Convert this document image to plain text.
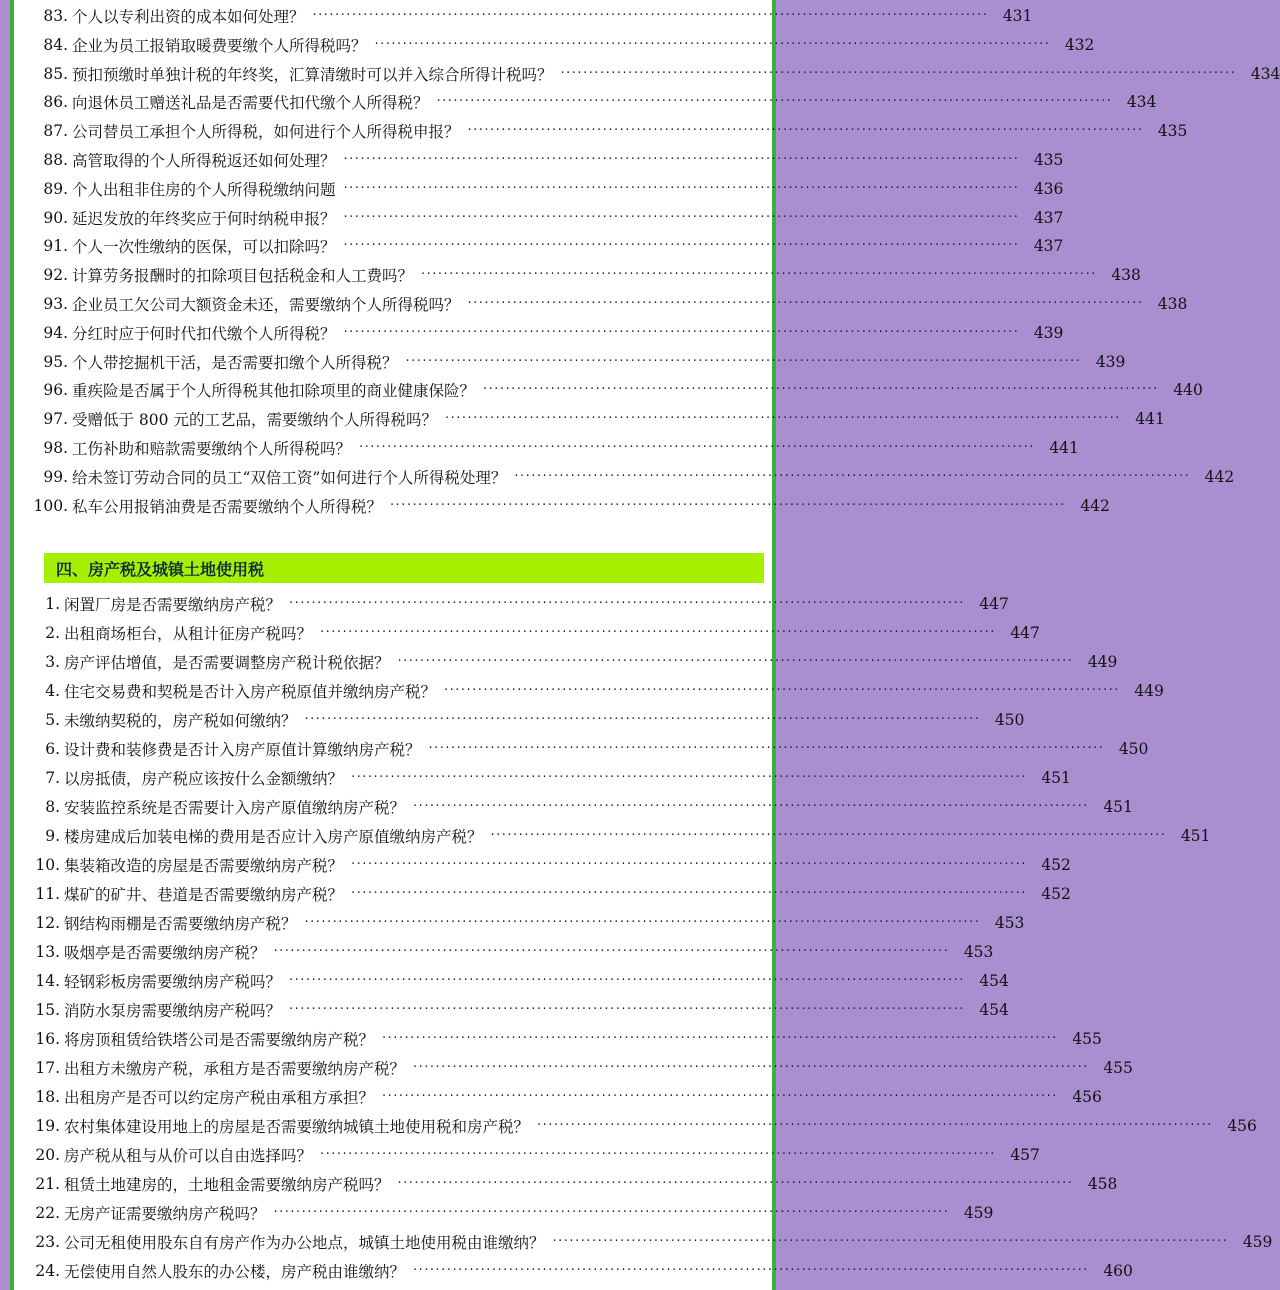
83. 个人以专利出资的成本如何处理？ ························································································································ 431
84. 企业为员工报销取暖费要缴个人所得税吗？ ························································································································ 432
85. 预扣预缴时单独计税的年终奖，汇算清缴时可以并入综合所得计税吗？ ························································································································ 434
86. 向退休员工赠送礼品是否需要代扣代缴个人所得税？ ························································································································ 434
87. 公司替员工承担个人所得税，如何进行个人所得税申报？ ························································································································ 435
88. 高管取得的个人所得税返还如何处理？ ························································································································ 435
89. 个人出租非住房的个人所得税缴纳问题 ························································································································ 436
90. 延迟发放的年终奖应于何时纳税申报？ ························································································································ 437
91. 个人一次性缴纳的医保，可以扣除吗？ ························································································································ 437
92. 计算劳务报酬时的扣除项目包括税金和人工费吗？ ························································································································ 438
93. 企业员工欠公司大额资金未还，需要缴纳个人所得税吗？ ························································································································ 438
94. 分红时应于何时代扣代缴个人所得税？ ························································································································ 439
95. 个人带挖掘机干活，是否需要扣缴个人所得税？ ························································································································ 439
96. 重疾险是否属于个人所得税其他扣除项里的商业健康保险？ ························································································································ 440
97. 受赠低于 800 元的工艺品，需要缴纳个人所得税吗？ ························································································································ 441
98. 工伤补助和赔款需要缴纳个人所得税吗？ ························································································································ 441
99. 给未签订劳动合同的员工“双倍工资”如何进行个人所得税处理？ ························································································································ 442
100. 私车公用报销油费是否需要缴纳个人所得税？ ························································································································ 442
四、房产税及城镇土地使用税
1. 闲置厂房是否需要缴纳房产税？ ························································································································ 447
2. 出租商场柜台，从租计征房产税吗？ ························································································································ 447
3. 房产评估增值，是否需要调整房产税计税依据？ ························································································································ 449
4. 住宅交易费和契税是否计入房产税原值并缴纳房产税？ ························································································································ 449
5. 未缴纳契税的，房产税如何缴纳？ ························································································································ 450
6. 设计费和装修费是否计入房产原值计算缴纳房产税？ ························································································································ 450
7. 以房抵债，房产税应该按什么金额缴纳？ ························································································································ 451
8. 安装监控系统是否需要计入房产原值缴纳房产税？ ························································································································ 451
9. 楼房建成后加装电梯的费用是否应计入房产原值缴纳房产税？ ························································································································ 451
10. 集装箱改造的房屋是否需要缴纳房产税？ ························································································································ 452
11. 煤矿的矿井、巷道是否需要缴纳房产税？ ························································································································ 452
12. 钢结构雨棚是否需要缴纳房产税？ ························································································································ 453
13. 吸烟亭是否需要缴纳房产税？ ························································································································ 453
14. 轻钢彩板房需要缴纳房产税吗？ ························································································································ 454
15. 消防水泵房需要缴纳房产税吗？ ························································································································ 454
16. 将房顶租赁给铁塔公司是否需要缴纳房产税？ ························································································································ 455
17. 出租方未缴房产税，承租方是否需要缴纳房产税？ ························································································································ 455
18. 出租房产是否可以约定房产税由承租方承担？ ························································································································ 456
19. 农村集体建设用地上的房屋是否需要缴纳城镇土地使用税和房产税？ ························································································································ 456
20. 房产税从租与从价可以自由选择吗？ ························································································································ 457
21. 租赁土地建房的，土地租金需要缴纳房产税吗？ ························································································································ 458
22. 无房产证需要缴纳房产税吗？ ························································································································ 459
23. 公司无租使用股东自有房产作为办公地点，城镇土地使用税由谁缴纳？ ························································································································ 459
24. 无偿使用自然人股东的办公楼，房产税由谁缴纳？ ························································································································ 460
